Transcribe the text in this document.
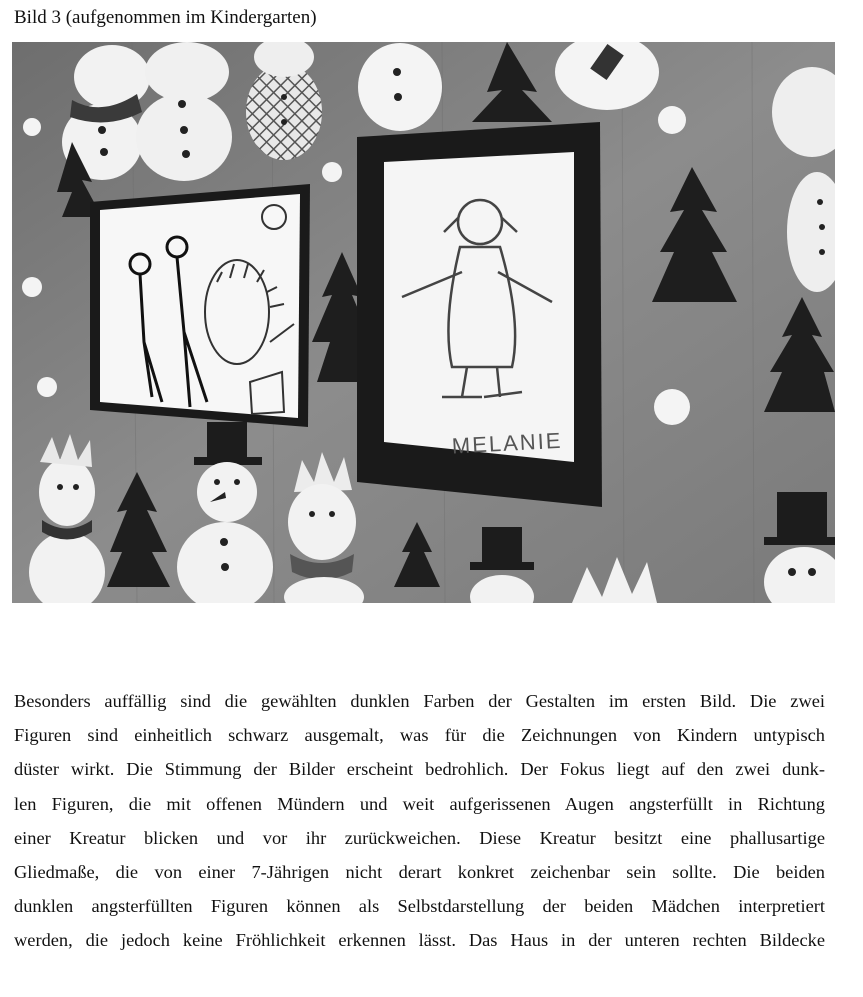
Bild 3 (aufgenommen im Kindergarten)
MELANIE
Besonders auffällig sind die gewählten dunklen Farben der Gestalten im ersten Bild. Die zwei
Figuren sind einheitlich schwarz ausgemalt, was für die Zeichnungen von Kindern untypisch
düster wirkt. Die Stimmung der Bilder erscheint bedrohlich. Der Fokus liegt auf den zwei dunk-
len Figuren, die mit offenen Mündern und weit aufgerissenen Augen angsterfüllt in Richtung
einer Kreatur blicken und vor ihr zurückweichen. Diese Kreatur besitzt eine phallusartige
Gliedmaße, die von einer 7-Jährigen nicht derart konkret zeichenbar sein sollte. Die beiden
dunklen angsterfüllten Figuren können als Selbstdarstellung der beiden Mädchen interpretiert
werden, die jedoch keine Fröhlichkeit erkennen lässt. Das Haus in der unteren rechten Bildecke
